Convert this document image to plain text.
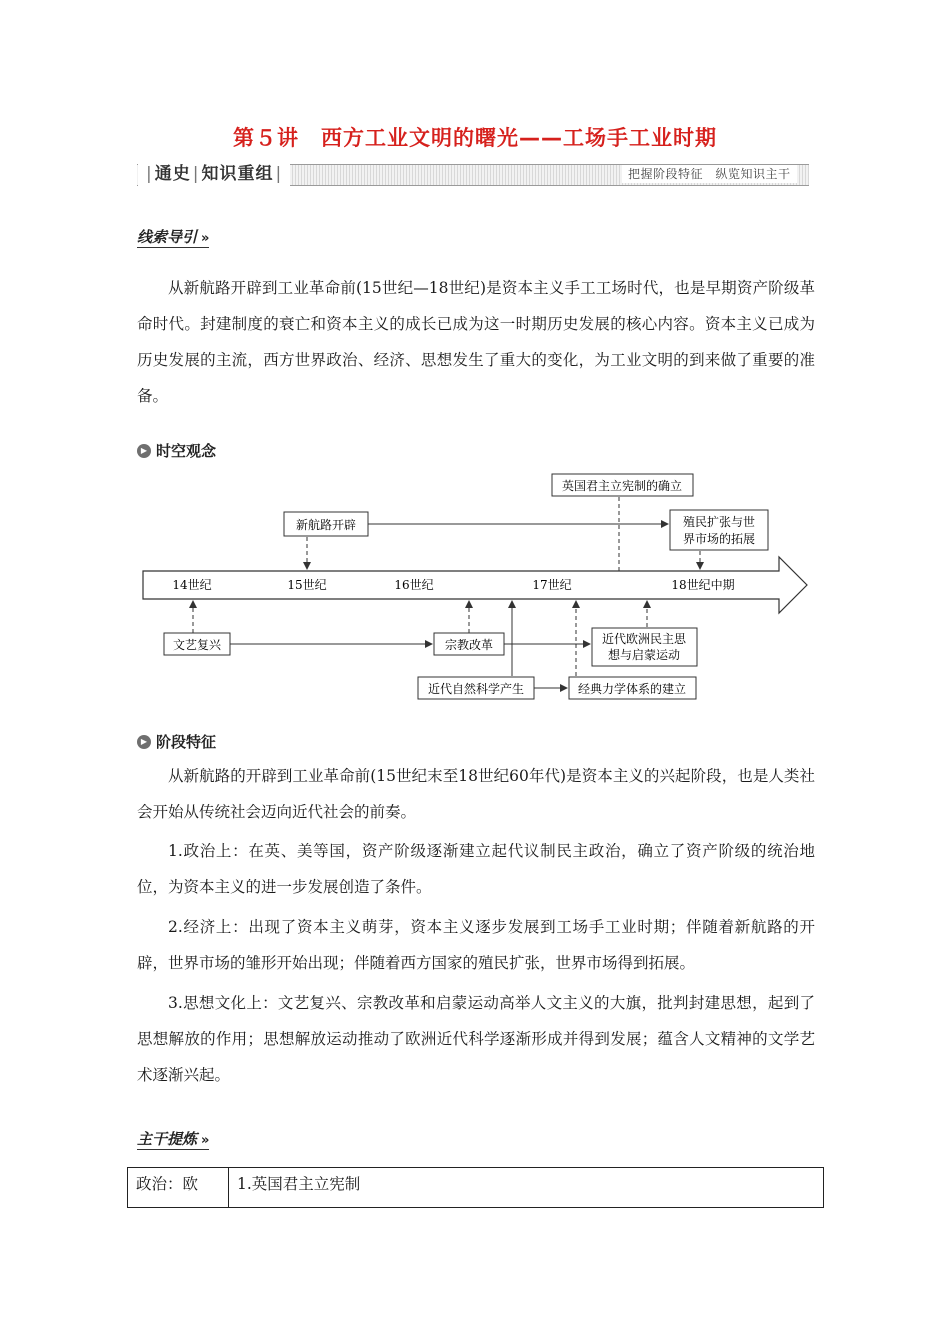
第５讲　西方工业文明的曙光——工场手工业时期
| 通史 | 知识重组 |	把握阶段特征　纵览知识主干
线索导引 »
从新航路开辟到工业革命前(15世纪—18世纪)是资本主义手工工场时代，也是早期资产阶级革命时代。封建制度的衰亡和资本主义的成长已成为这一时期历史发展的核心内容。资本主义已成为历史发展的主流，西方世界政治、经济、思想发生了重大的变化，为工业文明的到来做了重要的准备。
▶ 时空观念
14世纪	15世纪	16世纪	17世纪	18世纪中期
英国君主立宪制的确立
新航路开辟	殖民扩张与世
界市场的拓展
文艺复兴	宗教改革	近代欧洲民主思
想与启蒙运动
近代自然科学产生	经典力学体系的建立
▶ 阶段特征
从新航路的开辟到工业革命前(15世纪末至18世纪60年代)是资本主义的兴起阶段，也是人类社会开始从传统社会迈向近代社会的前奏。
1.政治上：在英、美等国，资产阶级逐渐建立起代议制民主政治，确立了资产阶级的统治地位，为资本主义的进一步发展创造了条件。
2.经济上：出现了资本主义萌芽，资本主义逐步发展到工场手工业时期；伴随着新航路的开辟，世界市场的雏形开始出现；伴随着西方国家的殖民扩张，世界市场得到拓展。
3.思想文化上：文艺复兴、宗教改革和启蒙运动高举人文主义的大旗，批判封建思想，起到了思想解放的作用；思想解放运动推动了欧洲近代科学逐渐形成并得到发展；蕴含人文精神的文学艺术逐渐兴起。
主干提炼 »
政治：欧	1.英国君主立宪制
